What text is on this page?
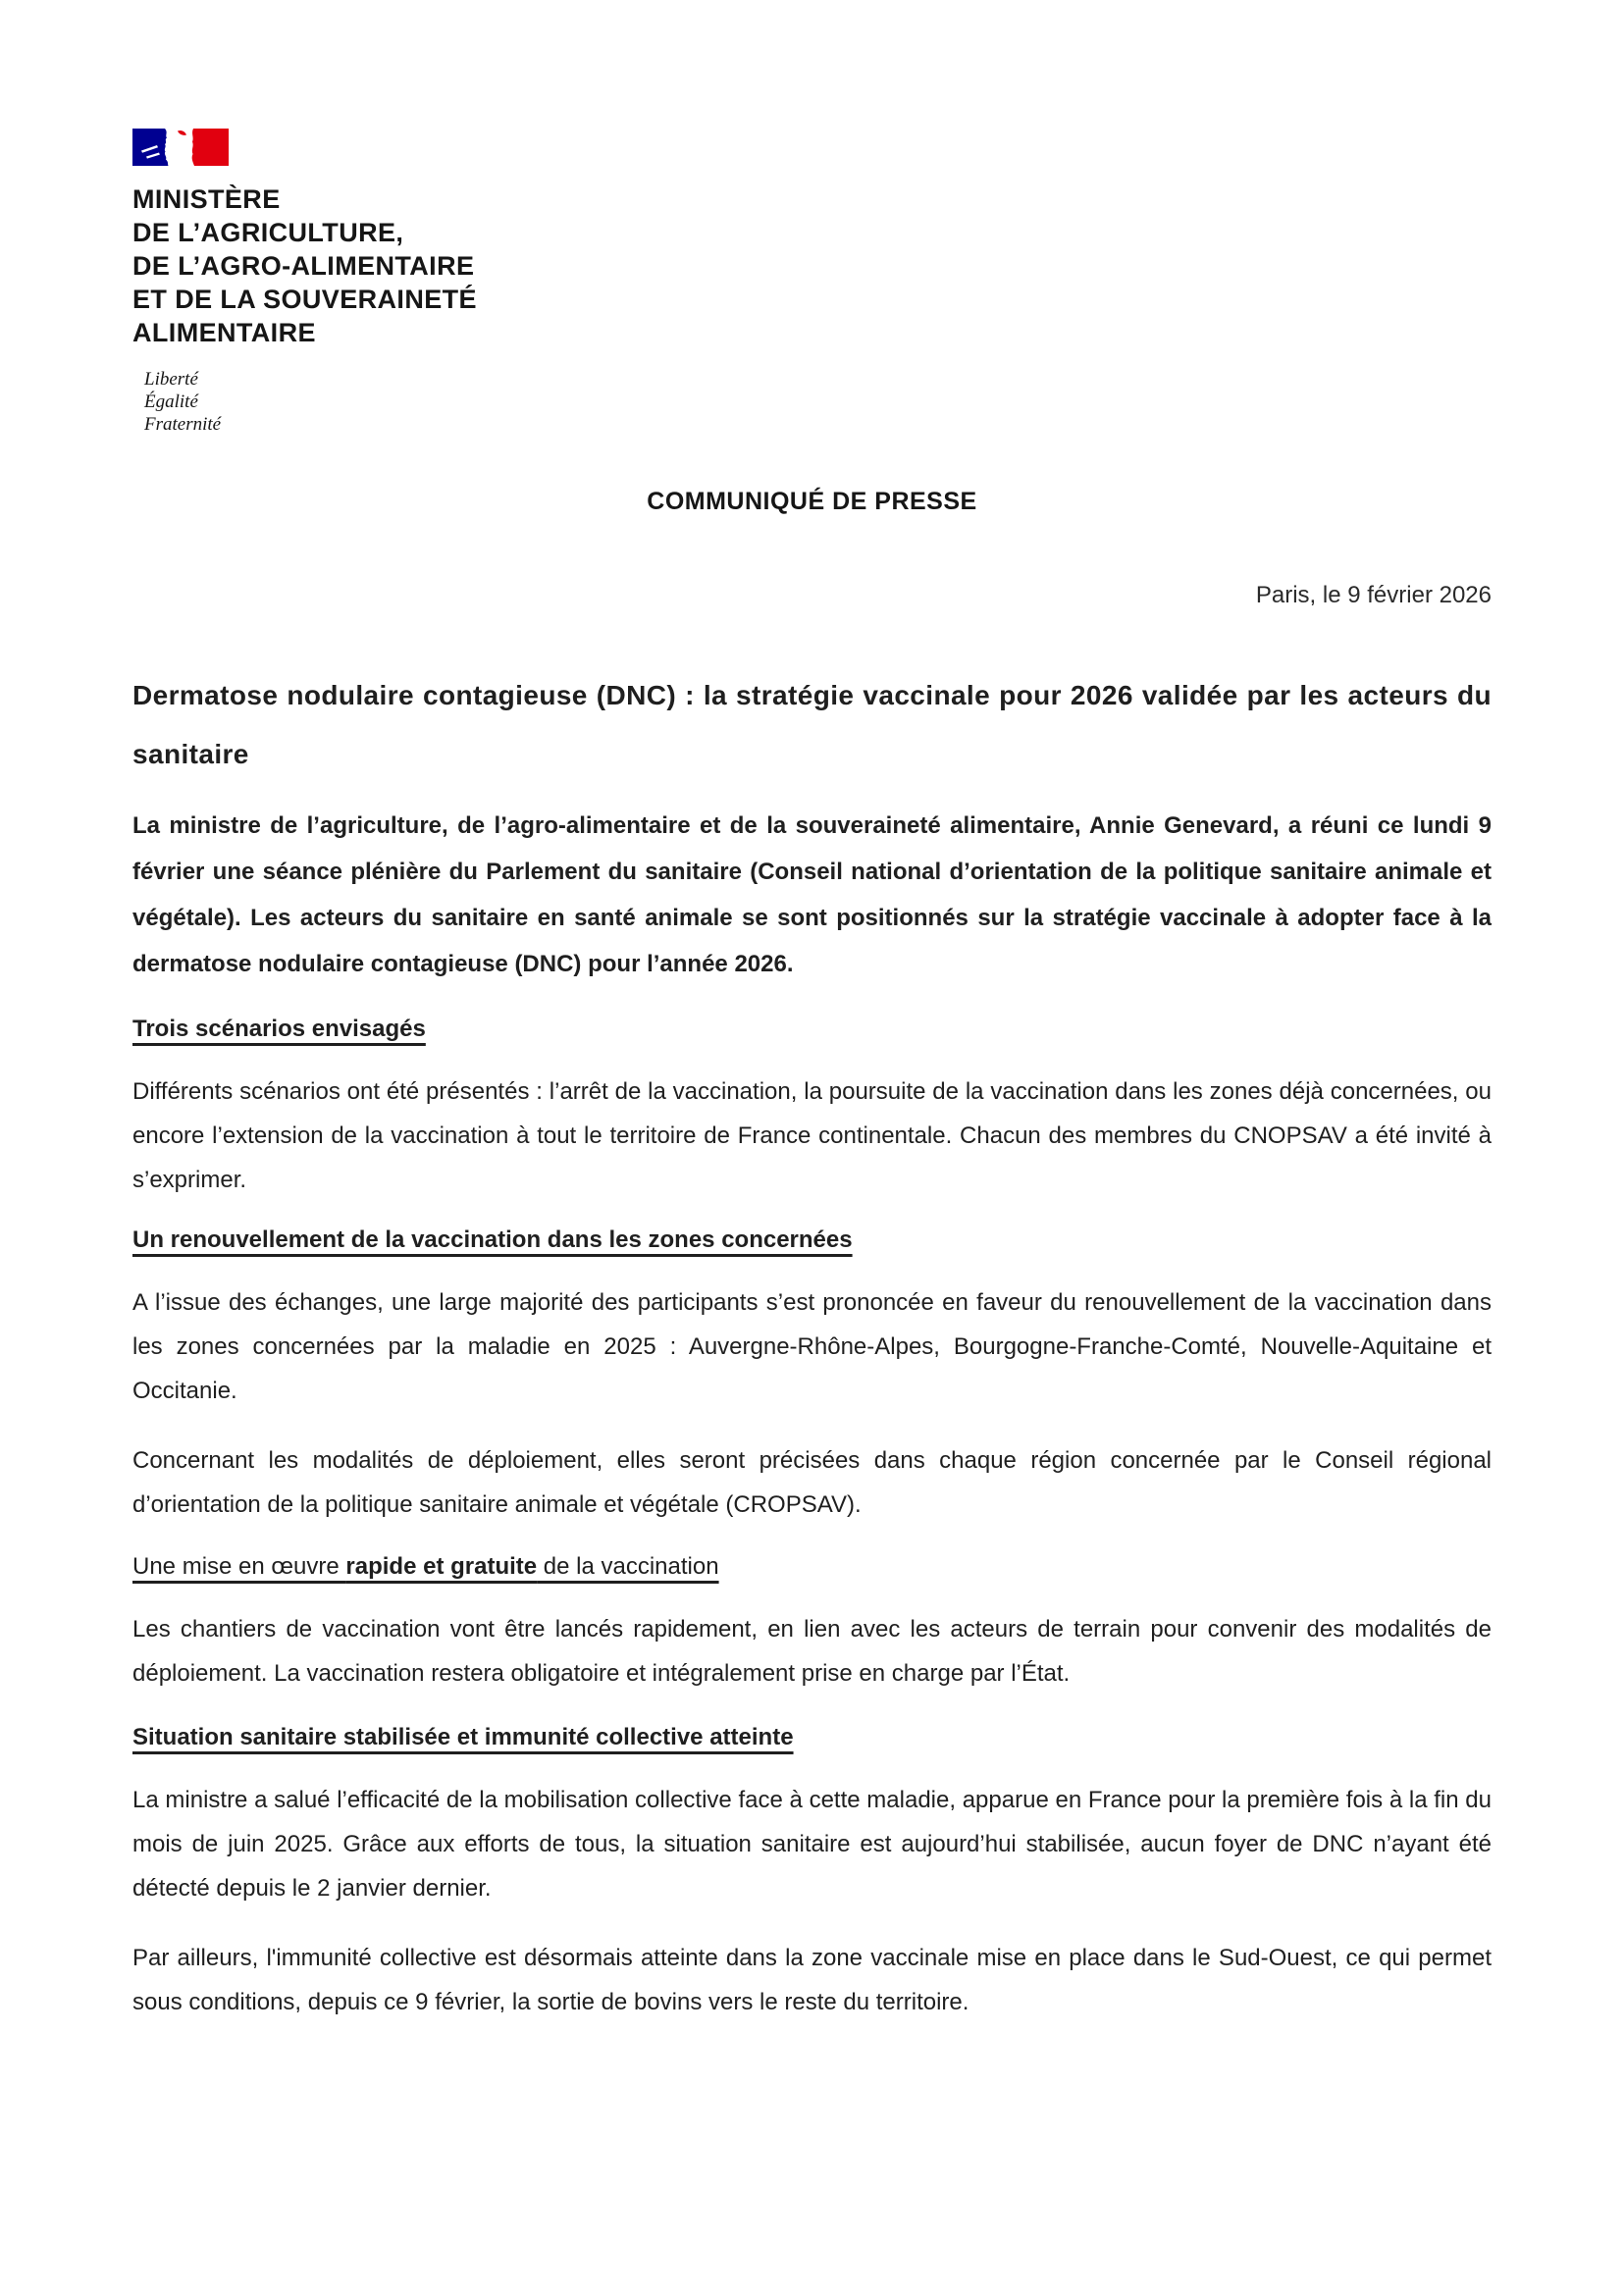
MINISTÈRE
DE L’AGRICULTURE,
DE L’AGRO-ALIMENTAIRE
ET DE LA SOUVERAINETÉ
ALIMENTAIRE
Liberté
Égalité
Fraternité
COMMUNIQUÉ DE PRESSE
Paris, le 9 février 2026
Dermatose nodulaire contagieuse (DNC) : la stratégie vaccinale pour 2026 validée par les acteurs du sanitaire

La ministre de l’agriculture, de l’agro-alimentaire et de la souveraineté alimentaire, Annie Genevard, a réuni ce lundi 9 février une séance plénière du Parlement du sanitaire (Conseil national d’orientation de la politique sanitaire animale et végétale). Les acteurs du sanitaire en santé animale se sont positionnés sur la stratégie vaccinale à adopter face à la dermatose nodulaire contagieuse (DNC) pour l’année 2026.

Trois scénarios envisagés

Différents scénarios ont été présentés : l’arrêt de la vaccination, la poursuite de la vaccination dans les zones déjà concernées, ou encore l’extension de la vaccination à tout le territoire de France continentale. Chacun des membres du CNOPSAV a été invité à s’exprimer.

Un renouvellement de la vaccination dans les zones concernées

A l’issue des échanges, une large majorité des participants s’est prononcée en faveur du renouvellement de la vaccination dans les zones concernées par la maladie en 2025 : Auvergne-Rhône-Alpes, Bourgogne-Franche-Comté, Nouvelle-Aquitaine et Occitanie.

Concernant les modalités de déploiement, elles seront précisées dans chaque région concernée par le Conseil régional d’orientation de la politique sanitaire animale et végétale (CROPSAV).

Une mise en œuvre rapide et gratuite de la vaccination

Les chantiers de vaccination vont être lancés rapidement, en lien avec les acteurs de terrain pour convenir des modalités de déploiement. La vaccination restera obligatoire et intégralement prise en charge par l’État.

Situation sanitaire stabilisée et immunité collective atteinte

La ministre a salué l’efficacité de la mobilisation collective face à cette maladie, apparue en France pour la première fois à la fin du mois de juin 2025. Grâce aux efforts de tous, la situation sanitaire est aujourd’hui stabilisée, aucun foyer de DNC n’ayant été détecté depuis le 2 janvier dernier.

Par ailleurs, l'immunité collective est désormais atteinte dans la zone vaccinale mise en place dans le Sud-Ouest, ce qui permet sous conditions, depuis ce 9 février, la sortie de bovins vers le reste du territoire.
